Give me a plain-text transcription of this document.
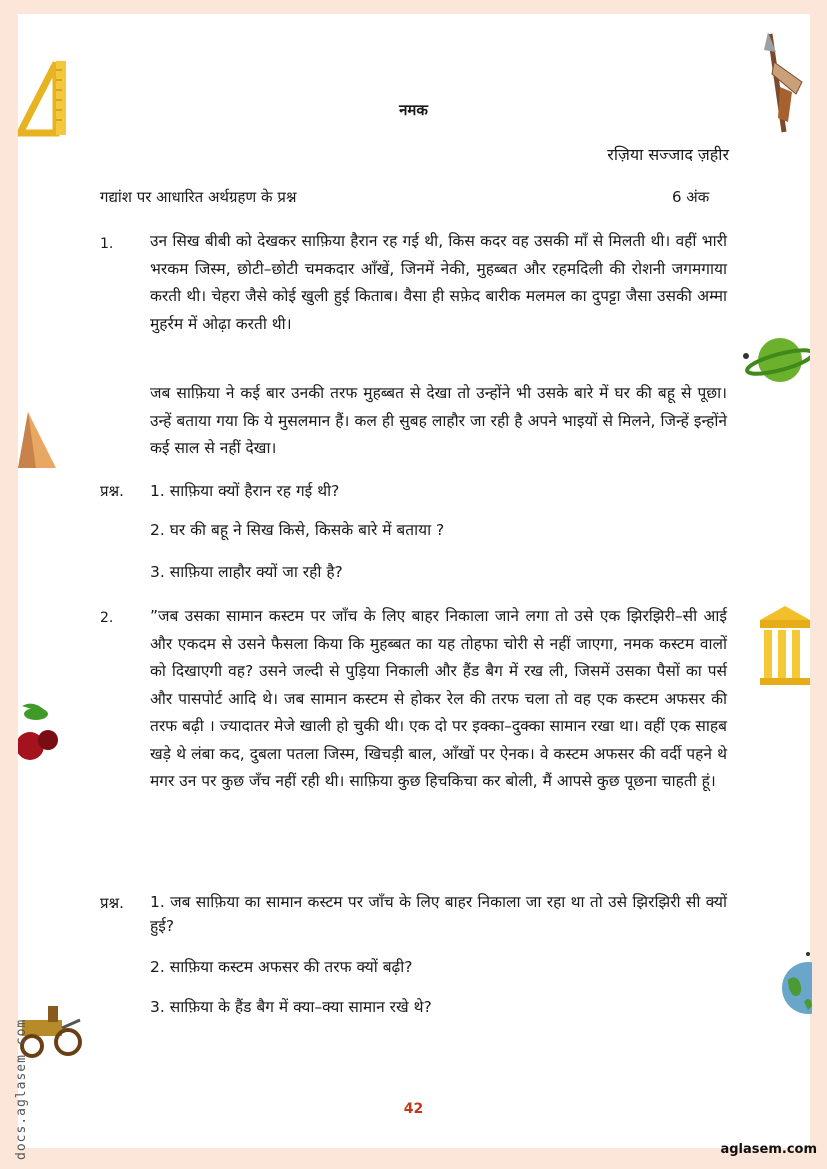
नमक
रज़िया सज्जाद ज़हीर
गद्यांश पर आधारित अर्थग्रहण के प्रश्न	6 अंक
1. उन सिख बीबी को देखकर साफ़िया हैरान रह गई थी, किस कदर वह उसकी माँ से मिलती थी। वहीं भारी भरकम जिस्म, छोटी–छोटी चमकदार आँखें, जिनमें नेकी, मुहब्बत और रहमदिली की रोशनी जगमगाया करती थी। चेहरा जैसे कोई खुली हुई किताब। वैसा ही सफ़ेद बारीक मलमल का दुपट्टा जैसा उसकी अम्मा मुहर्रम में ओढ़ा करती थी।
जब साफ़िया ने कई बार उनकी तरफ मुहब्बत से देखा तो उन्होंने भी उसके बारे में घर की बहू से पूछा। उन्हें बताया गया कि ये मुसलमान हैं। कल ही सुबह लाहौर जा रही है अपने भाइयों से मिलने, जिन्हें इन्होंने कई साल से नहीं देखा।
प्रश्न. 1. साफ़िया क्यों हैरान रह गई थी?
2. घर की बहू ने सिख किसे, किसके बारे में बताया ?
3. साफ़िया लाहौर क्यों जा रही है?
2. ”जब उसका सामान कस्टम पर जाँच के लिए बाहर निकाला जाने लगा तो उसे एक झिरझिरी–सी आई और एकदम से उसने फैसला किया कि मुहब्बत का यह तोहफा चोरी से नहीं जाएगा, नमक कस्टम वालों को दिखाएगी वह? उसने जल्दी से पुड़िया निकाली और हैंड बैग में रख ली, जिसमें उसका पैसों का पर्स और पासपोर्ट आदि थे। जब सामान कस्टम से होकर रेल की तरफ चला तो वह एक कस्टम अफसर की तरफ बढ़ी । ज्यादातर मेजे खाली हो चुकी थी। एक दो पर इक्का–दुक्का सामान रखा था। वहीं एक साहब खड़े थे लंबा कद, दुबला पतला जिस्म, खिचड़ी बाल, आँखों पर ऐनक। वे कस्टम अफसर की वर्दी पहने थे मगर उन पर कुछ जँच नहीं रही थी। साफ़िया कुछ हिचकिचा कर बोली, मैं आपसे कुछ पूछना चाहती हूं।
प्रश्न. 1. जब साफ़िया का सामान कस्टम पर जाँच के लिए बाहर निकाला जा रहा था तो उसे झिरझिरी सी क्यों हुई?
2. साफ़िया कस्टम अफसर की तरफ क्यों बढ़ी?
3. साफ़िया के हैंड बैग में क्या–क्या सामान रखे थे?
42
aglasem.com
docs.aglasem.com
